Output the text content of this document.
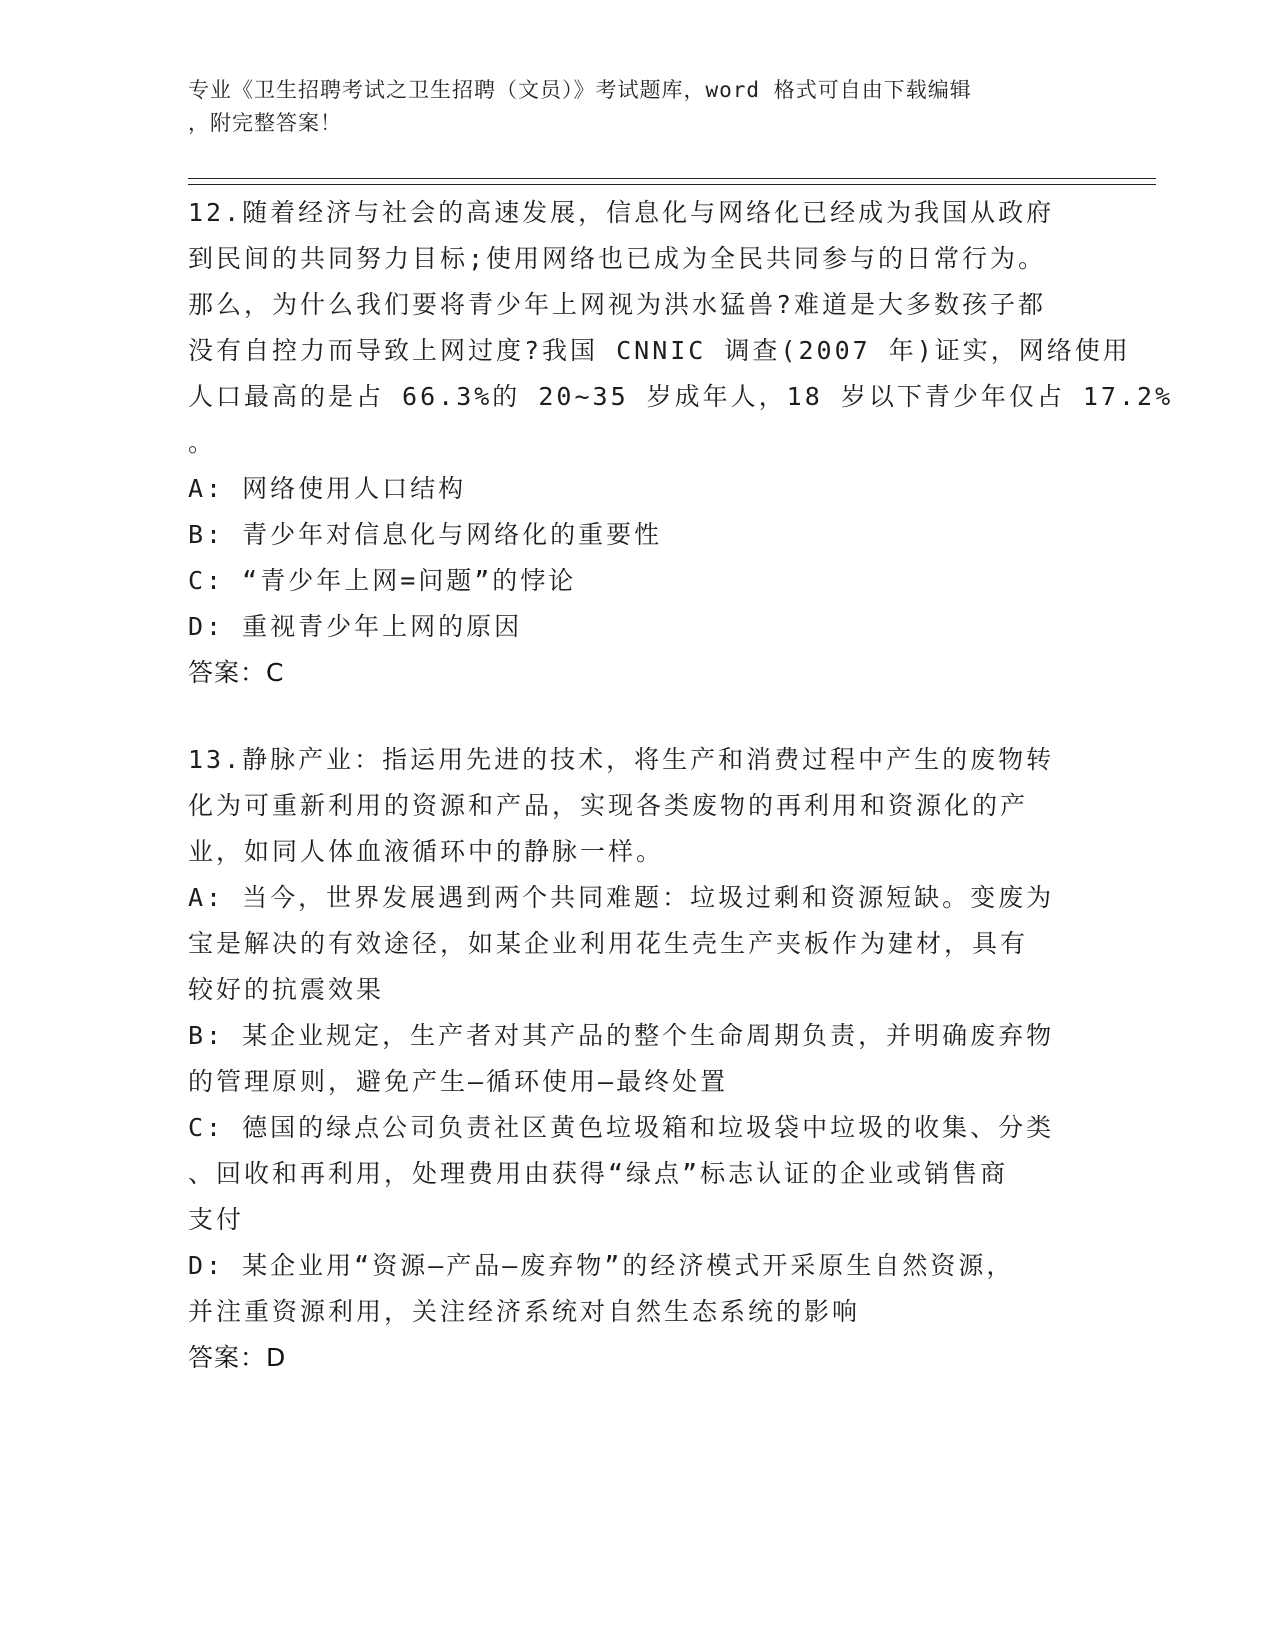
专业《卫生招聘考试之卫生招聘（文员）》考试题库，word 格式可自由下载编辑
，附完整答案！
12.随着经济与社会的高速发展，信息化与网络化已经成为我国从政府
到民间的共同努力目标;使用网络也已成为全民共同参与的日常行为。
那么，为什么我们要将青少年上网视为洪水猛兽?难道是大多数孩子都
没有自控力而导致上网过度?我国 CNNIC 调查(2007 年)证实，网络使用
人口最高的是占 66.3%的 20~35 岁成年人，18 岁以下青少年仅占 17.2%
。
A: 网络使用人口结构
B: 青少年对信息化与网络化的重要性
C: “青少年上网=问题”的悖论
D: 重视青少年上网的原因
答案：C
13.静脉产业：指运用先进的技术，将生产和消费过程中产生的废物转
化为可重新利用的资源和产品，实现各类废物的再利用和资源化的产
业，如同人体血液循环中的静脉一样。
A: 当今，世界发展遇到两个共同难题：垃圾过剩和资源短缺。变废为
宝是解决的有效途径，如某企业利用花生壳生产夹板作为建材，具有
较好的抗震效果
B: 某企业规定，生产者对其产品的整个生命周期负责，并明确废弃物
的管理原则，避免产生—循环使用—最终处置
C: 德国的绿点公司负责社区黄色垃圾箱和垃圾袋中垃圾的收集、分类
、回收和再利用，处理费用由获得“绿点”标志认证的企业或销售商
支付
D: 某企业用“资源—产品—废弃物”的经济模式开采原生自然资源，
并注重资源利用，关注经济系统对自然生态系统的影响
答案：D
